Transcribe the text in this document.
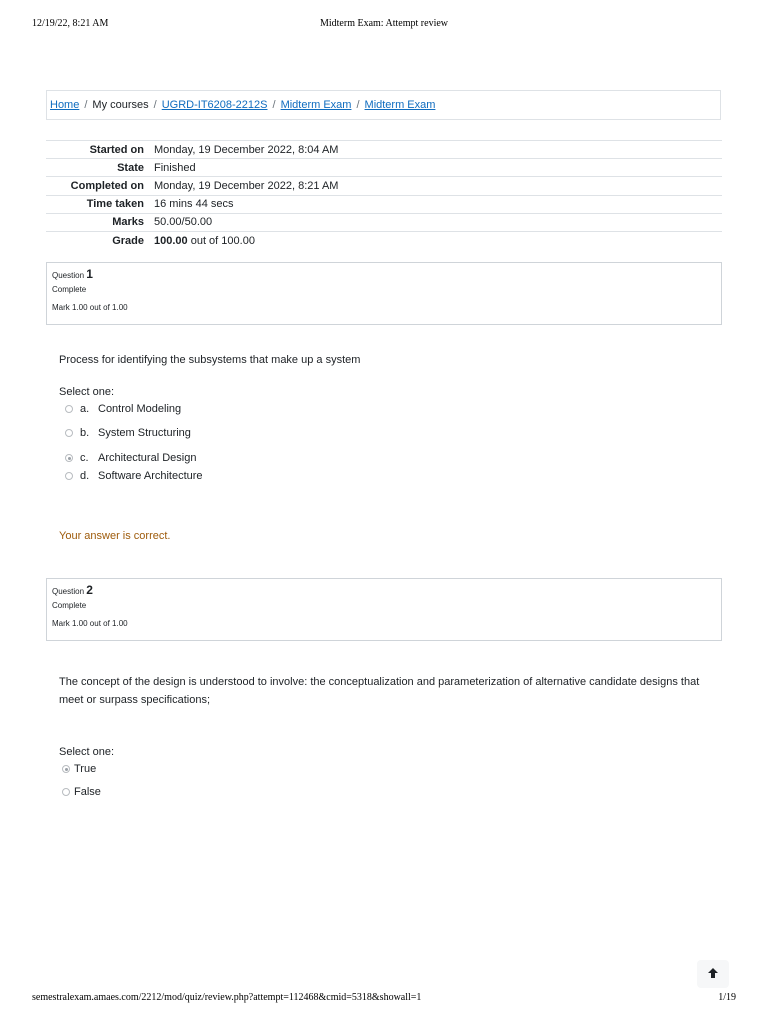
12/19/22, 8:21 AM	Midterm Exam: Attempt review
Home / My courses / UGRD-IT6208-2212S / Midterm Exam / Midterm Exam
Started on	Monday, 19 December 2022, 8:04 AM
State	Finished
Completed on	Monday, 19 December 2022, 8:21 AM
Time taken	16 mins 44 secs
Marks	50.00/50.00
Grade	100.00 out of 100.00
Question 1
Complete
Mark 1.00 out of 1.00
Process for identifying the subsystems that make up a system
Select one:
a. Control Modeling
b. System Structuring
c. Architectural Design
d. Software Architecture
Your answer is correct.
Question 2
Complete
Mark 1.00 out of 1.00
The concept of the design is understood to involve: the conceptualization and parameterization of alternative candidate designs that meet or surpass specifications;
Select one:
True
False
semestralexam.amaes.com/2212/mod/quiz/review.php?attempt=112468&cmid=5318&showall=1	1/19
